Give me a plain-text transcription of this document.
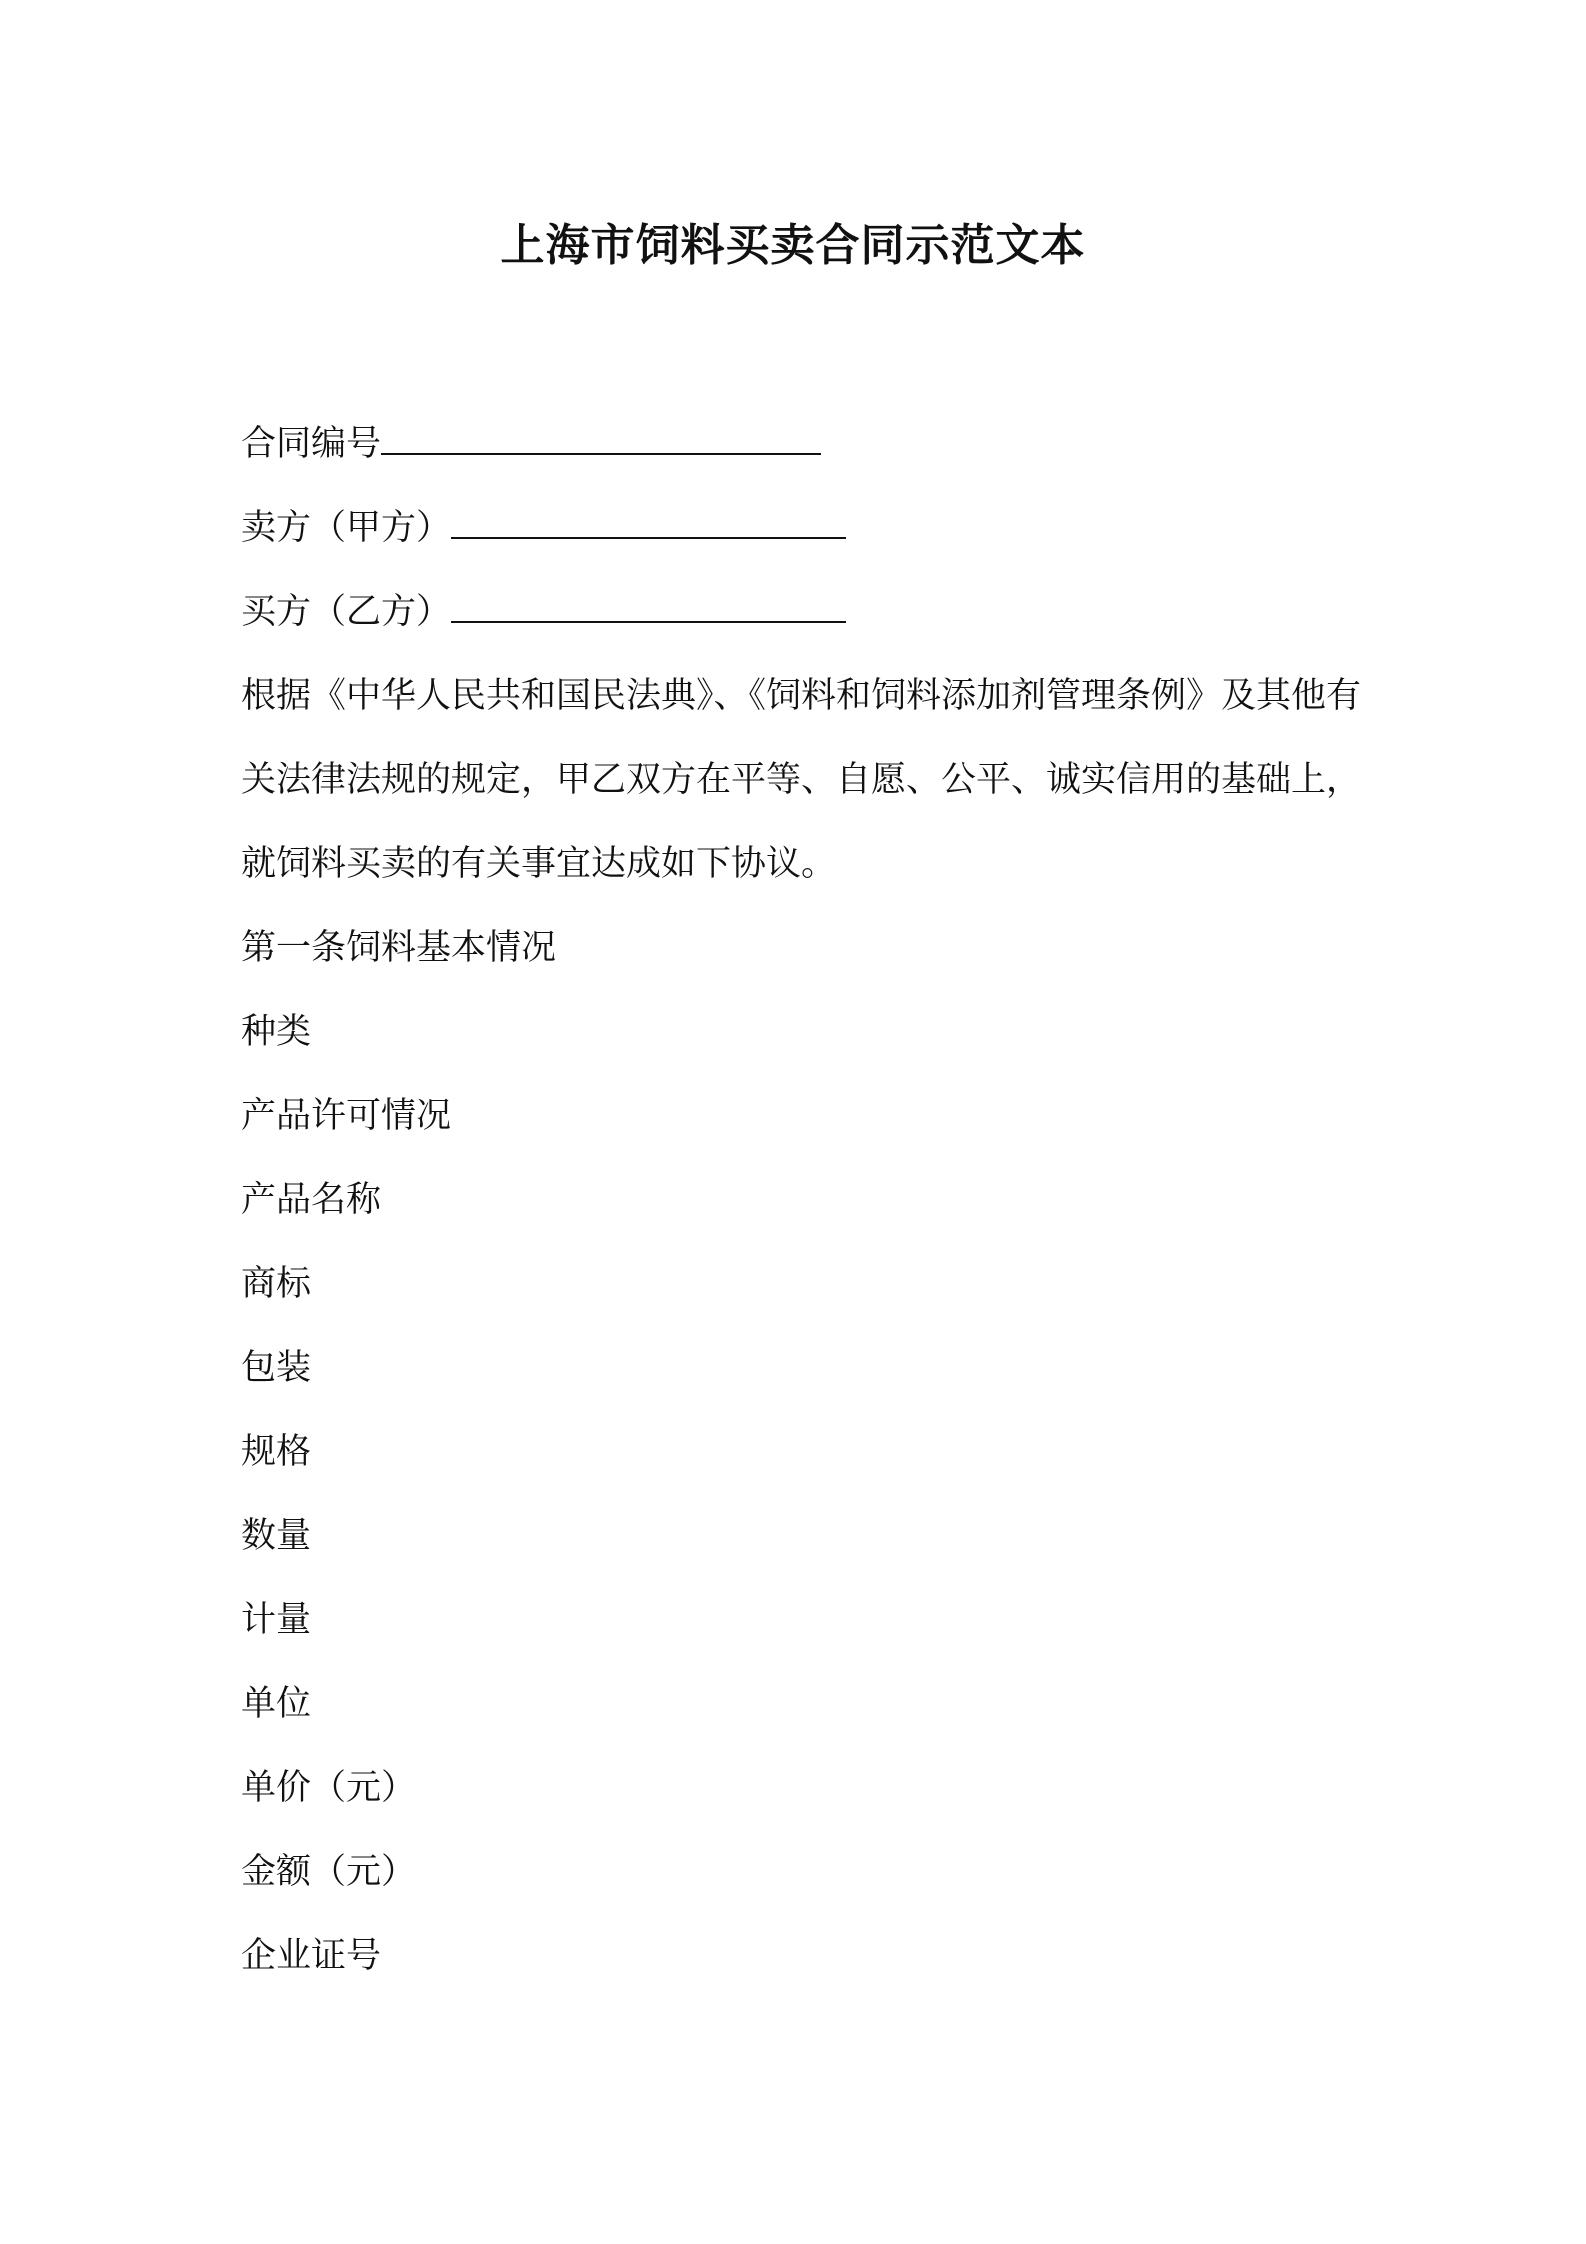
上海市饲料买卖合同示范文本

合同编号

卖方（甲方）

买方（乙方）

根据《中华人民共和国民法典》、《饲料和饲料添加剂管理条例》及其他有关法律法规的规定，甲乙双方在平等、自愿、公平、诚实信用的基础上，就饲料买卖的有关事宜达成如下协议。

第一条饲料基本情况

种类

产品许可情况

产品名称

商标

包装

规格

数量

计量

单位

单价（元）

金额（元）

企业证号
